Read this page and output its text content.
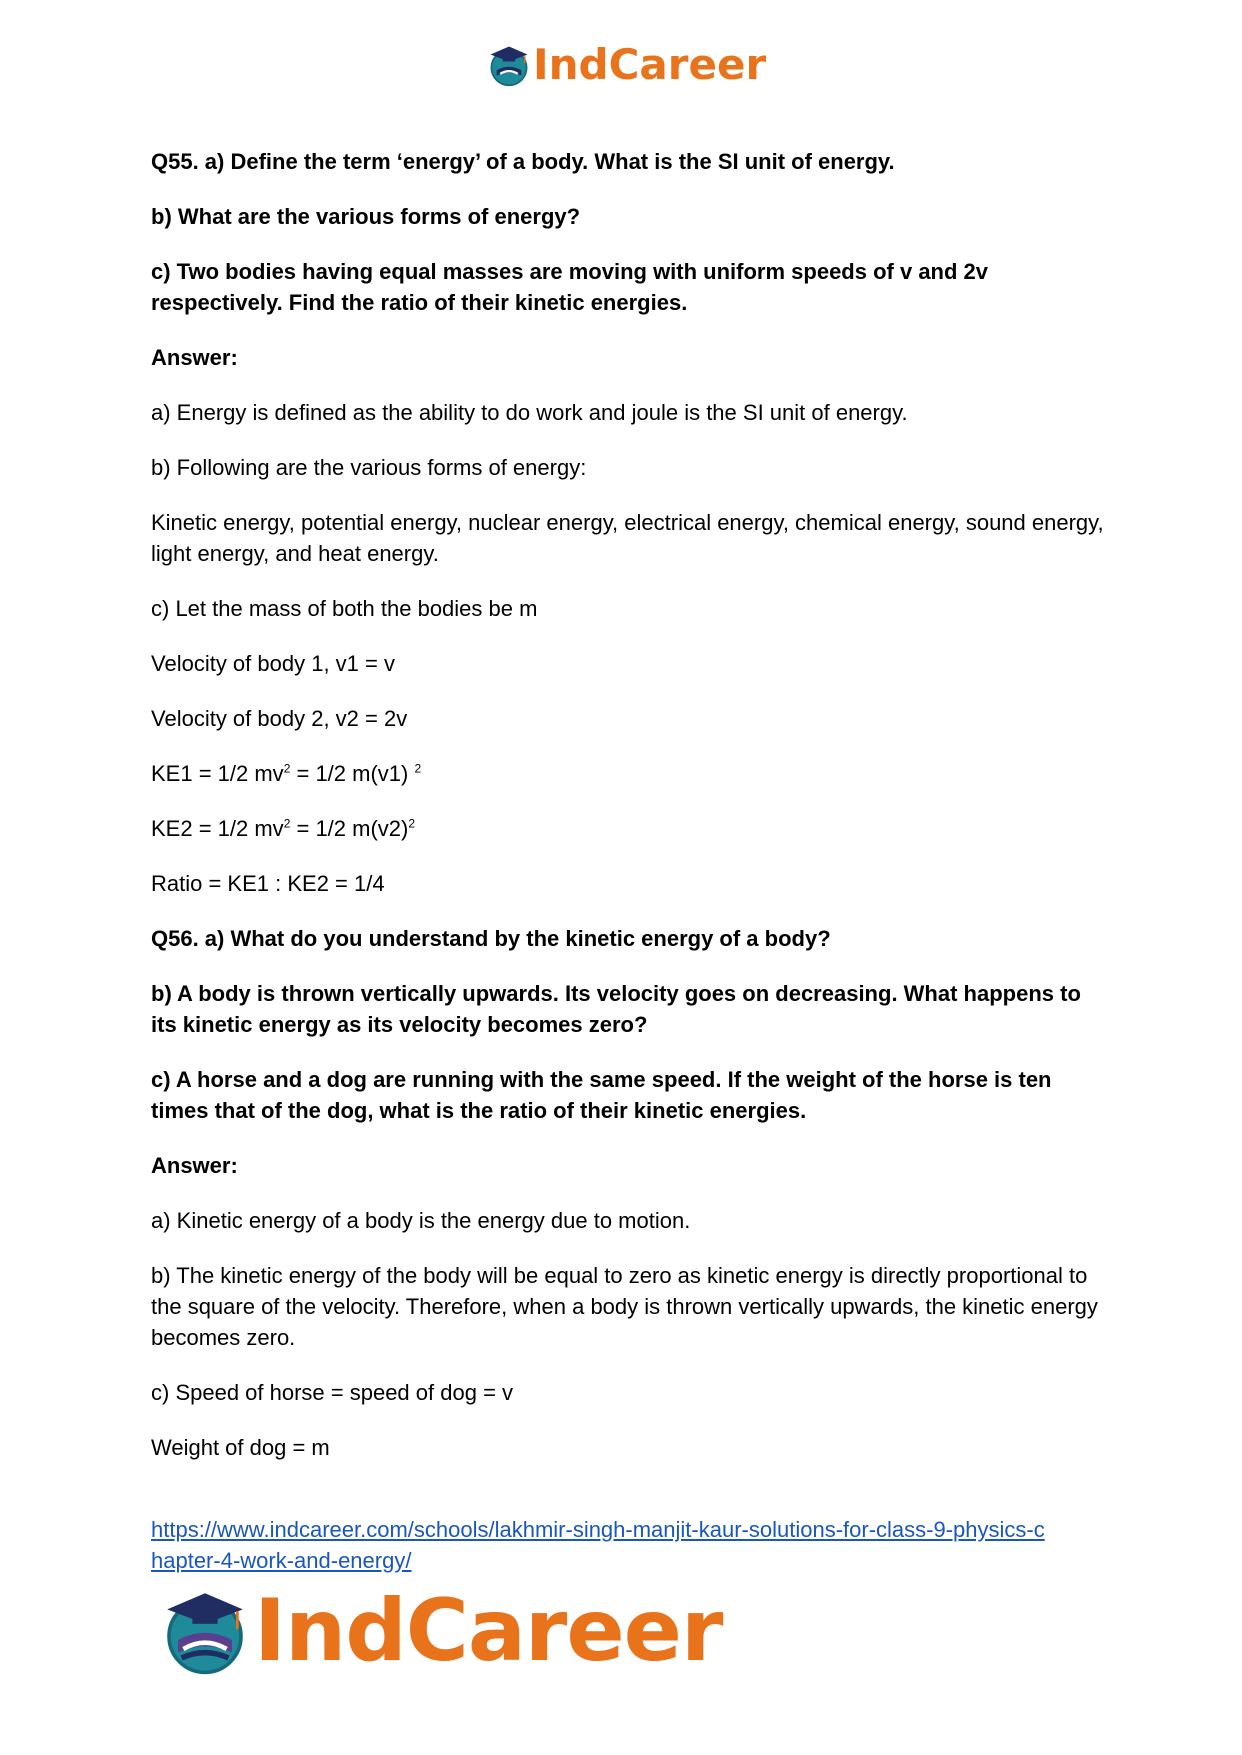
IndCareer

Q55. a) Define the term ‘energy’ of a body. What is the SI unit of energy.

b) What are the various forms of energy?

c) Two bodies having equal masses are moving with uniform speeds of v and 2v respectively. Find the ratio of their kinetic energies.

Answer:

a) Energy is defined as the ability to do work and joule is the SI unit of energy.

b) Following are the various forms of energy:

Kinetic energy, potential energy, nuclear energy, electrical energy, chemical energy, sound energy, light energy, and heat energy.

c) Let the mass of both the bodies be m

Velocity of body 1, v1 = v

Velocity of body 2, v2 = 2v

KE1 = 1/2 $mv^2 = 1/2$ m(v1) $^2$

KE2 = 1/2 $mv^2 = 1/2$ $m(v2)^2$

Ratio = KE1 : KE2 = 1/4

Q56. a) What do you understand by the kinetic energy of a body?

b) A body is thrown vertically upwards. Its velocity goes on decreasing. What happens to its kinetic energy as its velocity becomes zero?

c) A horse and a dog are running with the same speed. If the weight of the horse is ten times that of the dog, what is the ratio of their kinetic energies.

Answer:

a) Kinetic energy of a body is the energy due to motion.

b) The kinetic energy of the body will be equal to zero as kinetic energy is directly proportional to the square of the velocity. Therefore, when a body is thrown vertically upwards, the kinetic energy becomes zero.

c) Speed of horse = speed of dog = v

Weight of dog = m

https://www.indcareer.com/schools/lakhmir-singh-manjit-kaur-solutions-for-class-9-physics-c
hapter-4-work-and-energy/
IndCareer
